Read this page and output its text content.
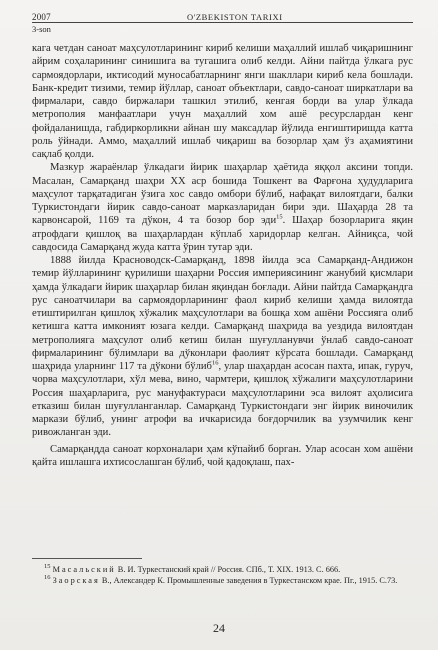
2007	O'ZBEKISTON TARIXI
3-son

кага четдан саноат маҳсулотларининг кириб келиши маҳаллий ишлаб чиқаришнинг айрим соҳаларининг синишига ва тугашига олиб келди. Айни пайтда ўлкага рус сармоядорлари, иктисодий муносабатларнинг янги шакллари кириб кела бошлади. Банк-кредит тизими, темир йўллар, саноат объектлари, савдо-саноат ширкатлари ва фирмалари, савдо биржалари ташкил этилиб, кенгая борди ва улар ўлкада метрополия манфаатлари учун маҳаллий хом ашё ресурслардан кенг фойдаланишда, габдиркорликни айнан шу максадлар йўлида енгиштиришда катта роль ўйнади. Аммо, маҳаллий ишлаб чиқариш ва бозорлар ҳам ўз аҳамиятини сақлаб қолди.

Мазкур жараёнлар ўлкадаги йирик шаҳарлар ҳаётида яққол аксини топди. Масалан, Самарқанд шаҳри XX аср бошида Тошкент ва Фарғона ҳудудларига маҳсулот тарқатадиган ўзига хос савдо омбори бўлиб, нафақат вилоятдаги, балки Туркистондаги йирик савдо-саноат марказларидан бири эди. Шаҳарда 28 та карвонсарой, 1169 та дўкон, 4 та бозор бор эди$^{15}$. Шаҳар бозорларига яқин атрофдаги қишлоқ ва шаҳарлардан кўплаб харидорлар келган. Айниқса, чой савдосида Самарқанд жуда катта ўрин тутар эди.

1888 йилда Красноводск-Самарқанд, 1898 йилда эса Самарқанд-Андижон темир йўлларининг қурилиши шаҳарни Россия империясининг жанубий қисмлари ҳамда ўлкадаги йирик шаҳарлар билан яқиндан боғлади. Айни пайтда Самарқандга рус саноатчилари ва сармоядорларининг фаол кириб келиши ҳамда вилоятда етиштирилган қишлоқ хўжалик маҳсулотлари ва бошқа хом ашёни Россияга олиб кетишга катта имконият юзага келди. Самарқанд шаҳрида ва уездида вилоятдан метрополияга маҳсулот олиб кетиш билан шуғулланувчи ўнлаб савдо-саноат фирмаларининг бўлимлари ва дўконлари фаолият кўрсата бошлади. Самарқанд шаҳрида уларнинг 117 та дўкони бўлиб$^{16}$, улар шаҳардан асосан пахта, ипак, гуруч, чорва маҳсулотлари, хўл мева, вино, чармтери, қишлоқ хўжалиги маҳсулотларини Россия шаҳарларига, рус мануфактураси маҳсулотларини эса вилоят аҳолисига етказиш билан шуғулланганлар. Самарқанд Туркистондаги энг йирик виночилик маркази бўлиб, унинг атрофи ва ичкарисида боғдорчилик ва узумчилик кенг ривожланган эди.

Самарқандда саноат корхоналари ҳам кўпайиб борган. Улар асосан хом ашёни қайта ишлашга ихтисослашган бўлиб, чой қадоқлаш, пах-

$^{15}$ Масальский В. И. Туркестанский край // Россия. СПб., Т. XIX. 1913. С. 666.

$^{16}$ Заорская В., Александер К. Промышленные заведения в Туркестанском крае. Пг., 1915. С.73.

24
